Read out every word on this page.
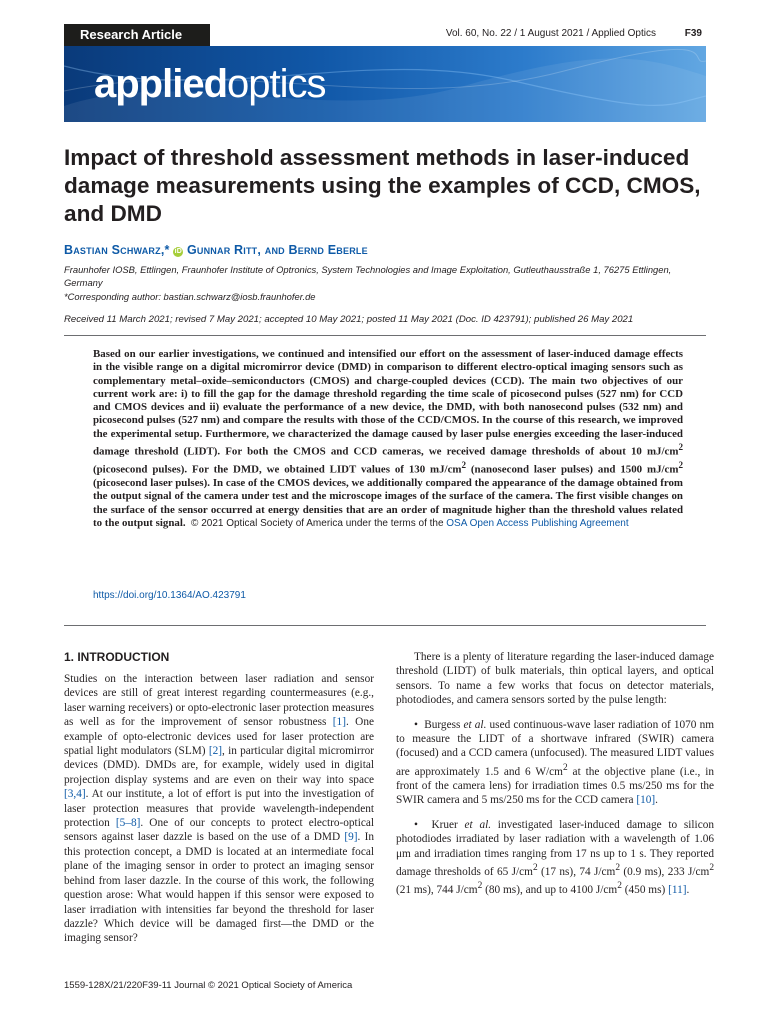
Research Article	Vol. 60, No. 22 / 1 August 2021 / Applied Optics	F39
appliedoptics
Impact of threshold assessment methods in laser-induced damage measurements using the examples of CCD, CMOS, and DMD
Bastian Schwarz,* iD Gunnar Ritt, and Bernd Eberle
Fraunhofer IOSB, Ettlingen, Fraunhofer Institute of Optronics, System Technologies and Image Exploitation, Gutleuthausstraße 1, 76275 Ettlingen, Germany
*Corresponding author: bastian.schwarz@iosb.fraunhofer.de
Received 11 March 2021; revised 7 May 2021; accepted 10 May 2021; posted 11 May 2021 (Doc. ID 423791); published 26 May 2021
Based on our earlier investigations, we continued and intensified our effort on the assessment of laser-induced damage effects in the visible range on a digital micromirror device (DMD) in comparison to different electro-optical imaging sensors such as complementary metal–oxide–semiconductors (CMOS) and charge-coupled devices (CCD). The main two objectives of our current work are: i) to fill the gap for the damage threshold regarding the time scale of picosecond pulses (527 nm) for CCD and CMOS devices and ii) evaluate the performance of a new device, the DMD, with both nanosecond pulses (532 nm) and picosecond pulses (527 nm) and compare the results with those of the CCD/CMOS. In the course of this research, we improved the experimental setup. Furthermore, we characterized the damage caused by laser pulse energies exceeding the laser-induced damage threshold (LIDT). For both the CMOS and CCD cameras, we received damage thresholds of about 10 $mJ/cm^2$ (picosecond pulses). For the DMD, we obtained LIDT values of 130 $mJ/cm^2$ (nanosecond laser pulses) and 1500 $mJ/cm^2$ (picosecond laser pulses). In case of the CMOS devices, we additionally compared the appearance of the damage obtained from the output signal of the camera under test and the microscope images of the surface of the camera. The first visible changes on the surface of the sensor occurred at energy densities that are an order of magnitude higher than the threshold values related to the output signal. © 2021 Optical Society of America under the terms of the OSA Open Access Publishing Agreement
https://doi.org/10.1364/AO.423791
1. INTRODUCTION

Studies on the interaction between laser radiation and sensor devices are still of great interest regarding countermeasures (e.g., laser warning receivers) or opto-electronic laser protection measures as well as for the improvement of sensor robustness [1]. One example of opto-electronic devices used for laser protection are spatial light modulators (SLM) [2], in particular digital micromirror devices (DMD). DMDs are, for example, widely used in digital projection display systems and are even on their way into space [3,4]. At our institute, a lot of effort is put into the investigation of laser protection measures that provide wavelength-independent protection [5–8]. One of our concepts to protect electro-optical sensors against laser dazzle is based on the use of a DMD [9]. In this protection concept, a DMD is located at an intermediate focal plane of the imaging sensor in order to protect an imaging sensor behind from laser dazzle. In the course of this work, the following question arose: What would happen if this sensor were exposed to laser irradiation with intensities far beyond the threshold for laser dazzle? Which device will be damaged first—the DMD or the imaging sensor?

There is a plenty of literature regarding the laser-induced damage threshold (LIDT) of bulk materials, thin optical layers, and optical sensors. To name a few works that focus on detector materials, photodiodes, and camera sensors sorted by the pulse length:

•  Burgess et al. used continuous-wave laser radiation of 1070 nm to measure the LIDT of a shortwave infrared (SWIR) camera (focused) and a CCD camera (unfocused). The measured LIDT values are approximately 1.5 and 6 $W/cm^2$ at the objective plane (i.e., in front of the camera lens) for irradiation times 0.5 ms/250 ms for the SWIR camera and 5 ms/250 ms for the CCD camera [10].

•  Kruer et al. investigated laser-induced damage to silicon photodiodes irradiated by laser radiation with a wavelength of 1.06 μm and irradiation times ranging from 17 ns up to 1 s. They reported damage thresholds of 65 $J/cm^2$ (17 ns), 74 $J/cm^2$ (0.9 ms), 233 $J/cm^2$ (21 ms), 744 $J/cm^2$ (80 ms), and up to 4100 $J/cm^2$ (450 ms) [11].

1559-128X/21/220F39-11 Journal © 2021 Optical Society of America
